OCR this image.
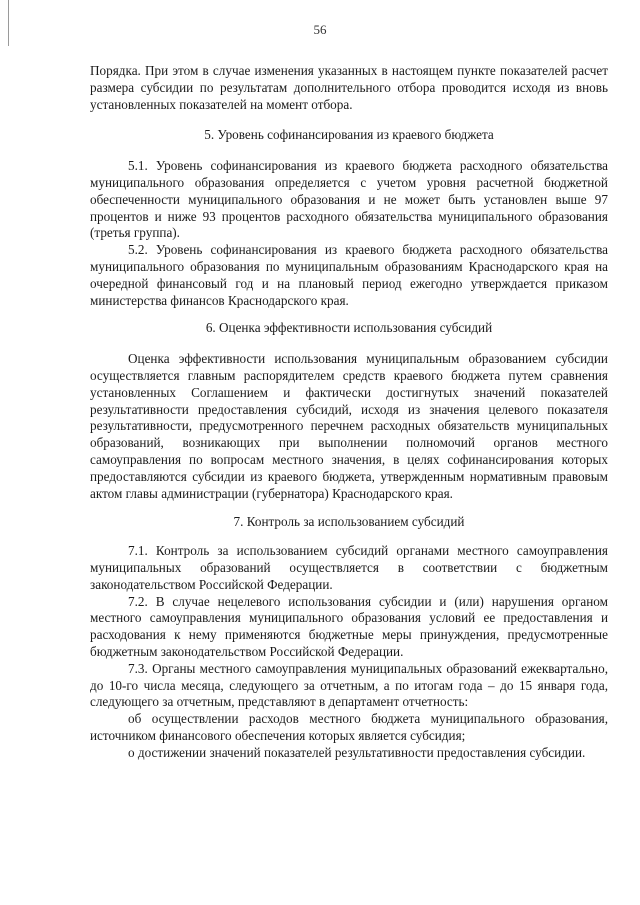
56

Порядка. При этом в случае изменения указанных в настоящем пункте показателей расчет размера субсидии по результатам дополнительного отбора проводится исходя из вновь установленных показателей на момент отбора.

5. Уровень софинансирования из краевого бюджета

5.1. Уровень софинансирования из краевого бюджета расходного обязательства муниципального образования определяется с учетом уровня расчетной бюджетной обеспеченности муниципального образования и не может быть установлен выше 97 процентов и ниже 93 процентов расходного обязательства муниципального образования (третья группа).

5.2. Уровень софинансирования из краевого бюджета расходного обязательства муниципального образования по муниципальным образованиям Краснодарского края на очередной финансовый год и на плановый период ежегодно утверждается приказом министерства финансов Краснодарского края.

6. Оценка эффективности использования субсидий

Оценка эффективности использования муниципальным образованием субсидии осуществляется главным распорядителем средств краевого бюджета путем сравнения установленных Соглашением и фактически достигнутых значений показателей результативности предоставления субсидий, исходя из значения целевого показателя результативности, предусмотренного перечнем расходных обязательств муниципальных образований, возникающих при выполнении полномочий органов местного самоуправления по вопросам местного значения, в целях софинансирования которых предоставляются субсидии из краевого бюджета, утвержденным нормативным правовым актом главы администрации (губернатора) Краснодарского края.

7. Контроль за использованием субсидий

7.1. Контроль за использованием субсидий органами местного самоуправления муниципальных образований осуществляется в соответствии с бюджетным законодательством Российской Федерации.

7.2. В случае нецелевого использования субсидии и (или) нарушения органом местного самоуправления муниципального образования условий ее предоставления и расходования к нему применяются бюджетные меры принуждения, предусмотренные бюджетным законодательством Российской Федерации.

7.3. Органы местного самоуправления муниципальных образований ежеквартально, до 10-го числа месяца, следующего за отчетным, а по итогам года – до 15 января года, следующего за отчетным, представляют в департамент отчетность:

об осуществлении расходов местного бюджета муниципального образования, источником финансового обеспечения которых является субсидия;

о достижении значений показателей результативности предоставления субсидии.
